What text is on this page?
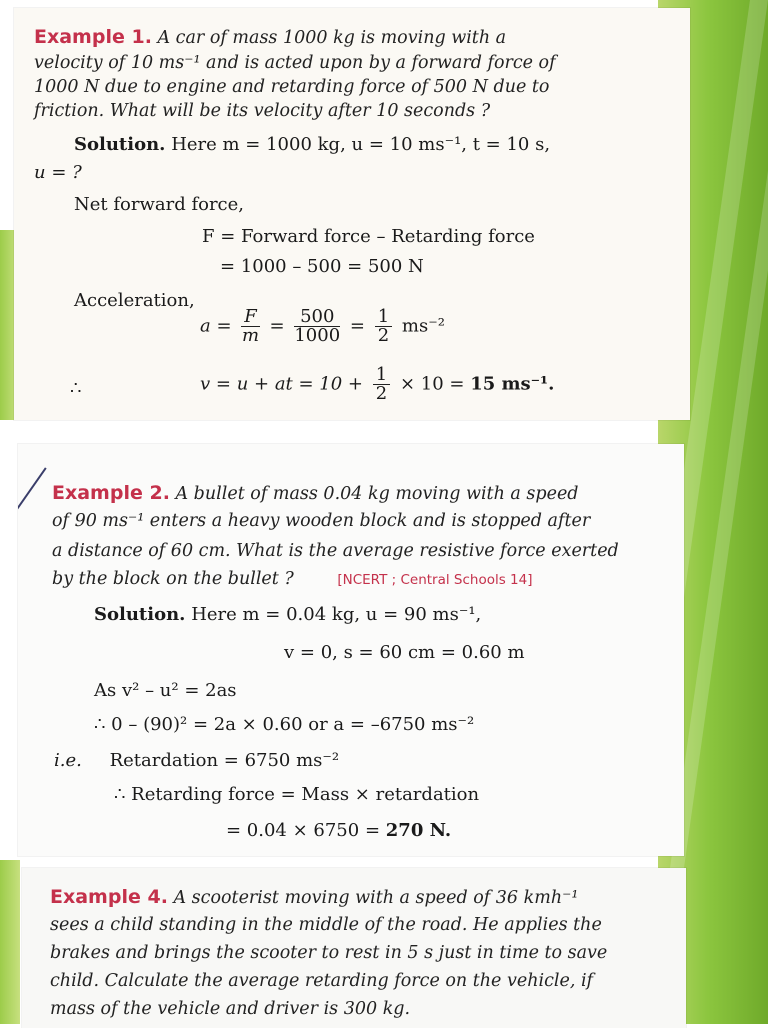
Example 1. A car of mass 1000 kg is moving with a
velocity of 10 ms⁻¹ and is acted upon by a forward force of
1000 N due to engine and retarding force of 500 N due to
friction. What will be its velocity after 10 seconds ?
Solution. Here m = 1000 kg, u = 10 ms⁻¹, t = 10 s,
u = ?
Net forward force,
F = Forward force – Retarding force
= 1000 – 500 = 500 N
Acceleration,
$a = \frac{F}{m} = \frac{500}{1000} = \frac{1}{2} ms^{-2}$
∴	v = u + at = $10 + \frac{1}{2} \times 10 = 15$ ms⁻¹.
Example 2. A bullet of mass 0.04 kg moving with a speed
of 90 ms⁻¹ enters a heavy wooden block and is stopped after
a distance of 60 cm. What is the average resistive force exerted
by the block on the bullet ?	[NCERT ; Central Schools 14]
Solution. Here m = 0.04 kg, u = 90 ms⁻¹,
v = 0, s = 60 cm = 0.60 m
As v² – u² = 2as
∴ 0 – (90)² = 2a × 0.60 or a = –6750 ms⁻²
i.e. Retardation = 6750 ms⁻²
∴ Retarding force = Mass × retardation
= 0.04 × 6750 = 270 N.
Example 4. A scooterist moving with a speed of 36 kmh⁻¹
sees a child standing in the middle of the road. He applies the
brakes and brings the scooter to rest in 5 s just in time to save
child. Calculate the average retarding force on the vehicle, if
mass of the vehicle and driver is 300 kg.
